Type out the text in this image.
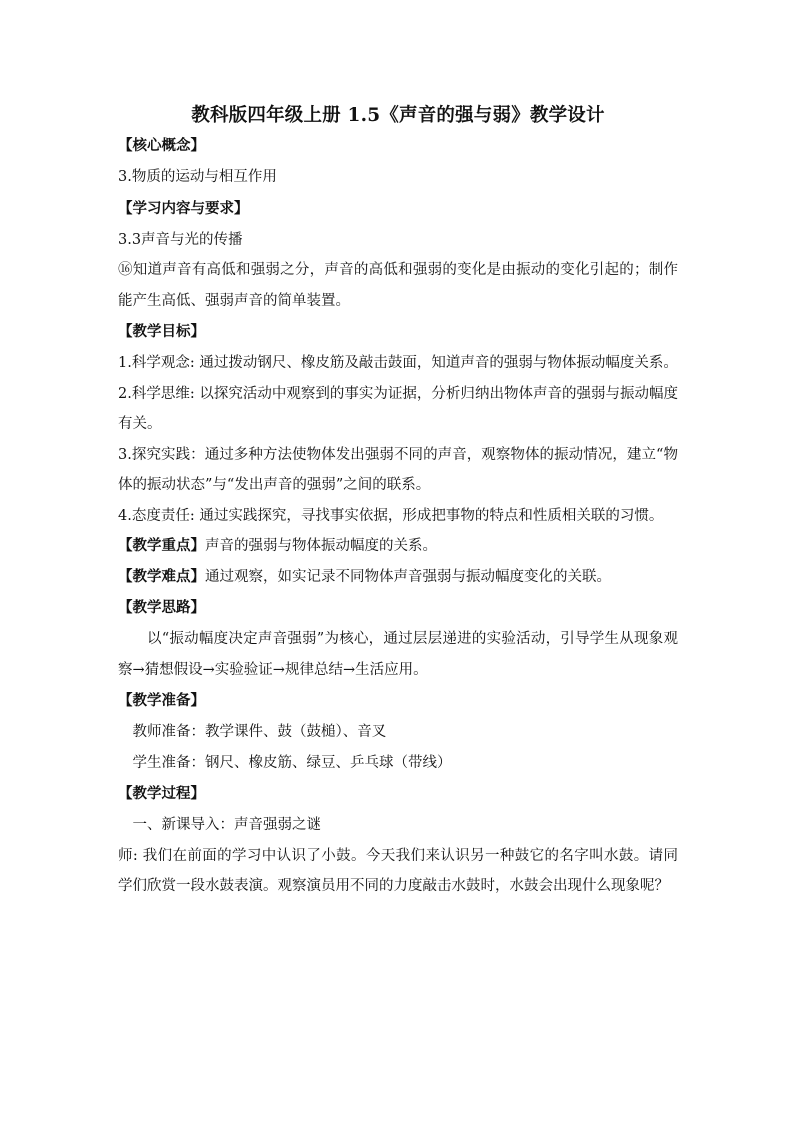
教科版四年级上册 1.5《声音的强与弱》教学设计
【核心概念】

3.物质的运动与相互作用

【学习内容与要求】

3.3声音与光的传播

⑯知道声音有高低和强弱之分，声音的高低和强弱的变化是由振动的变化引起的；制作能产生高低、强弱声音的简单装置。

【教学目标】

1.科学观念: 通过拨动钢尺、橡皮筋及敲击鼓面，知道声音的强弱与物体振动幅度关系。

2.科学思维: 以探究活动中观察到的事实为证据，分析归纳出物体声音的强弱与振动幅度有关。

3.探究实践：通过多种方法使物体发出强弱不同的声音，观察物体的振动情况，建立“物体的振动状态”与“发出声音的强弱”之间的联系。

4.态度责任: 通过实践探究，寻找事实依据，形成把事物的特点和性质相关联的习惯。

【教学重点】声音的强弱与物体振动幅度的关系。

【教学难点】通过观察，如实记录不同物体声音强弱与振动幅度变化的关联。

【教学思路】

以“振动幅度决定声音强弱”为核心，通过层层递进的实验活动，引导学生从现象观察→猜想假设→实验验证→规律总结→生活应用。

【教学准备】

教师准备：教学课件、鼓（鼓槌）、音叉

学生准备：钢尺、橡皮筋、绿豆、乒乓球（带线）

【教学过程】

一、新课导入：声音强弱之谜

师: 我们在前面的学习中认识了小鼓。今天我们来认识另一种鼓它的名字叫水鼓。请同学们欣赏一段水鼓表演。观察演员用不同的力度敲击水鼓时，水鼓会出现什么现象呢？
